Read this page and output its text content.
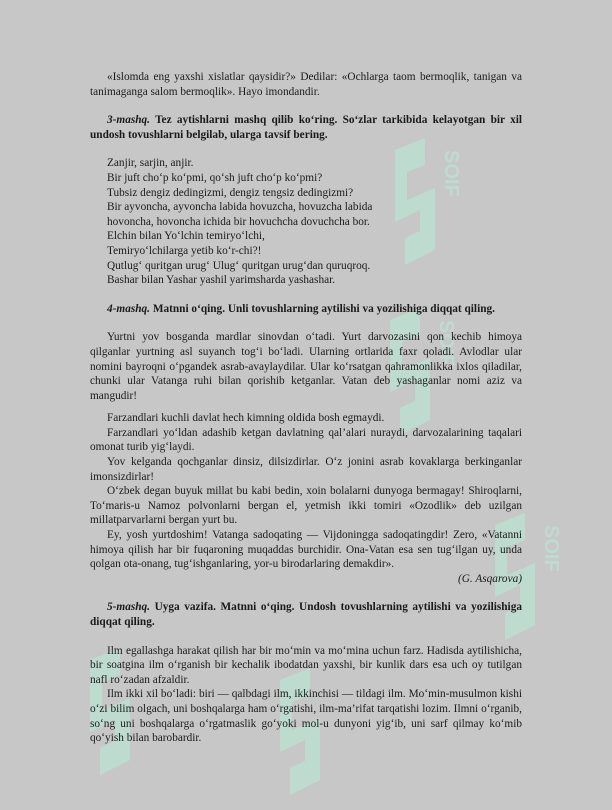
SOIF
SOIF
SOIF

«Islomda eng yaxshi xislatlar qaysidir?» Dedilar: «Ochlarga taom bermoqlik, tanigan va tanimaganga salom bermoqlik». Hayo imondandir.

3-mashq. Tez aytishlarni mashq qilib ko‘ring. So‘zlar tarkibida kelayotgan bir xil undosh tovushlarni belgilab, ularga tavsif bering.
Zanjir, sarjin, anjir.
Bir juft cho‘p ko‘pmi, qo‘sh juft cho‘p ko‘pmi?
Tubsiz dengiz dedingizmi, dengiz tengsiz dedingizmi?
Bir ayvoncha, ayvoncha labida hovuzcha, hovuzcha labida
hovoncha, hovoncha ichida bir hovuchcha dovuchcha bor.
Elchin bilan Yo‘lchin temiryo‘lchi,
Temiryo‘lchilarga yetib ko‘r-chi?!
Qutlug‘ quritgan urug‘ Ulug‘ quritgan urug‘dan quruqroq.
Bashar bilan Yashar yashil yarimsharda yashashar.
4-mashq. Matnni o‘qing. Unli tovushlarning aytilishi va yozilishiga diqqat qiling.

Yurtni yov bosganda mardlar sinovdan o‘tadi. Yurt darvozasini qon kechib himoya qilganlar yurtning asl suyanch tog‘i bo‘ladi. Ularning ortlarida faxr qoladi. Avlodlar ular nomini bayroqni o‘pgandek asrab-avaylaydilar. Ular ko‘rsatgan qahramonlikka ixlos qiladilar, chunki ular Vatanga ruhi bilan qorishib ketganlar. Vatan deb yashaganlar nomi aziz va mangudir!

Farzandlari kuchli davlat hech kimning oldida bosh egmaydi.

Farzandlari yo‘ldan adashib ketgan davlatning qal’alari nuraydi, darvozalarining taqalari omonat turib yig‘laydi.

Yov kelganda qochganlar dinsiz, dilsizdirlar. O‘z jonini asrab kovaklarga berkinganlar imonsizdirlar!

O‘zbek degan buyuk millat bu kabi bedin, xoin bolalarni dunyoga bermagay! Shiroqlarni, To‘maris-u Namoz polvonlarni bergan el, yetmish ikki tomiri «Ozodlik» deb uzilgan millatparvarlarni bergan yurt bu.

Ey, yosh yurtdoshim! Vatanga sadoqating — Vijdoningga sadoqatingdir! Zero, «Vatanni himoya qilish har bir fuqaroning muqaddas burchidir. Ona-Vatan esa sen tug‘ilgan uy, unda qolgan ota-onang, tug‘ishganlaring, yor-u birodarlaring demakdir».

(G. Asqarova)
5-mashq. Uyga vazifa. Matnni o‘qing. Undosh tovushlarning aytilishi va yozilishiga diqqat qiling.

Ilm egallashga harakat qilish har bir mo‘min va mo‘mina uchun farz. Hadisda aytilishicha, bir soatgina ilm o‘rganish bir kechalik ibodatdan yaxshi, bir kunlik dars esa uch oy tutilgan nafl ro‘zadan afzaldir.

Ilm ikki xil bo‘ladi: biri — qalbdagi ilm, ikkinchisi — tildagi ilm. Mo‘min-musulmon kishi o‘zi bilim olgach, uni boshqalarga ham o‘rgatishi, ilm-ma’rifat tarqatishi lozim. Ilmni o‘rganib, so‘ng uni boshqalarga o‘rgatmaslik go‘yoki mol-u dunyoni yig‘ib, uni sarf qilmay ko‘mib qo‘yish bilan barobardir.
